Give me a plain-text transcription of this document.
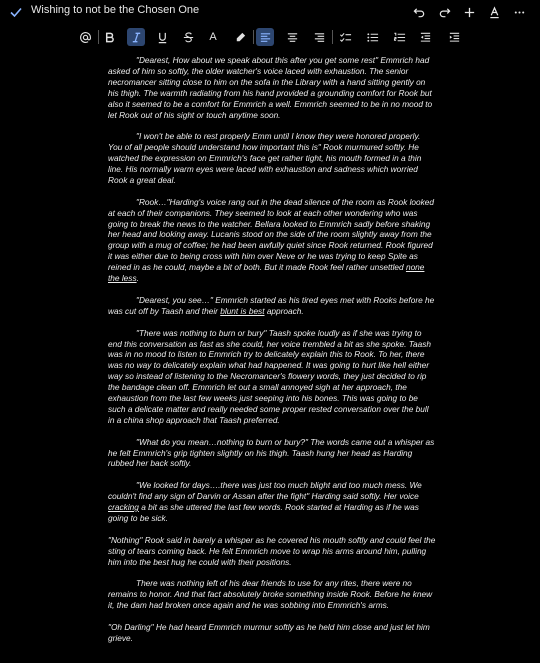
Wishing to not be the Chosen One
A

"Dearest, How about we speak about this after you get some rest" Emmrich had asked of him so softly, the older watcher's voice laced with exhaustion. The senior necromancer sitting close to him on the sofa in the Library with a hand sitting gently on his thigh. The warmth radiating from his hand provided a grounding comfort for Rook but also it seemed to be a comfort for Emmrich a well. Emmrich seemed to be in no mood to let Rook out of his sight or touch anytime soon.

"I won't be able to rest properly Emm until I know they were honored properly. You of all people should understand how important this is" Rook murmured softly. He watched the expression on Emmrich's face get rather tight, his mouth formed in a thin line. His normally warm eyes were laced with exhaustion and sadness which worried Rook a great deal.

"Rook…"Harding's voice rang out in the dead silence of the room as Rook looked at each of their companions. They seemed to look at each other wondering who was going to break the news to the watcher. Bellara looked to Emmrich sadly before shaking her head and looking away. Lucanis stood on the side of the room slightly away from the group with a mug of coffee; he had been awfully quiet since Rook returned. Rook figured it was either due to being cross with him over Neve or he was trying to keep Spite as reined in as he could, maybe a bit of both. But it made Rook feel rather unsettled none the less.

"Dearest, you see…" Emmrich started as his tired eyes met with Rooks before he was cut off by Taash and their blunt is best approach.

"There was nothing to burn or bury" Taash spoke loudly as if she was trying to end this conversation as fast as she could, her voice trembled a bit as she spoke. Taash was in no mood to listen to Emmrich try to delicately explain this to Rook. To her, there was no way to delicately explain what had happened. It was going to hurt like hell either way so instead of listening to the Necromancer's flowery words, they just decided to rip the bandage clean off. Emmrich let out a small annoyed sigh at her approach, the exhaustion from the last few weeks just seeping into his bones. This was going to be such a delicate matter and really needed some proper rested conversation over the bull in a china shop approach that Taash preferred.

"What do you mean…nothing to burn or bury?" The words came out a whisper as he felt Emmrich's grip tighten slightly on his thigh. Taash hung her head as Harding rubbed her back softly.

"We looked for days….there was just too much blight and too much mess. We couldn't find any sign of Darvin or Assan after the fight" Harding said softly. Her voice cracking a bit as she uttered the last few words. Rook started at Harding as if he was going to be sick.

"Nothing" Rook said in barely a whisper as he covered his mouth softly and could feel the sting of tears coming back. He felt Emmrich move to wrap his arms around him, pulling him into the best hug he could with their positions.

There was nothing left of his dear friends to use for any rites, there were no remains to honor. And that fact absolutely broke something inside Rook. Before he knew it, the dam had broken once again and he was sobbing into Emmrich's arms.

"Oh Darling" He had heard Emmrich murmur softly as he held him close and just let him grieve.
